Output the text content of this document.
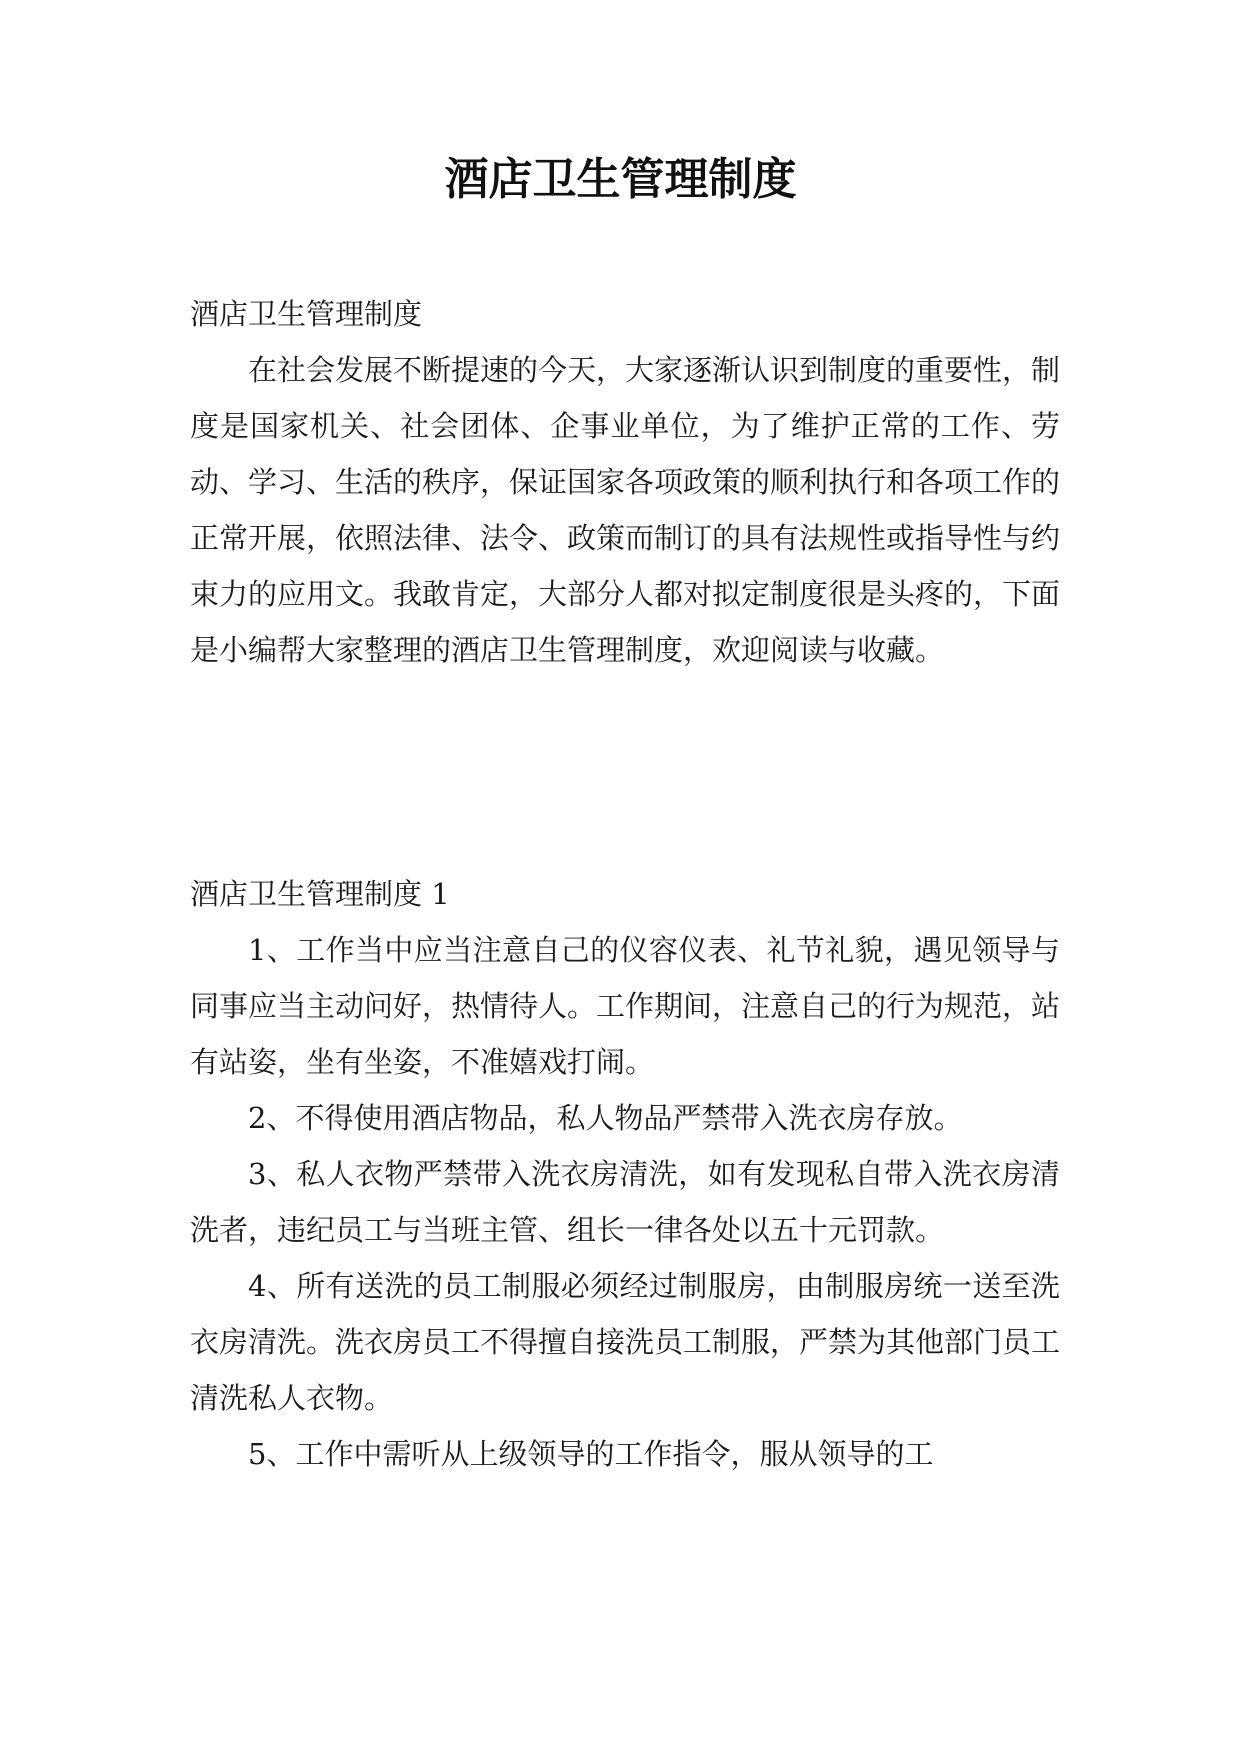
酒店卫生管理制度

酒店卫生管理制度

在社会发展不断提速的今天，大家逐渐认识到制度的重要性，制度是国家机关、社会团体、企事业单位，为了维护正常的工作、劳动、学习、生活的秩序，保证国家各项政策的顺利执行和各项工作的正常开展，依照法律、法令、政策而制订的具有法规性或指导性与约束力的应用文。我敢肯定，大部分人都对拟定制度很是头疼的，下面是小编帮大家整理的酒店卫生管理制度，欢迎阅读与收藏。

酒店卫生管理制度 1

1、工作当中应当注意自己的仪容仪表、礼节礼貌，遇见领导与同事应当主动问好，热情待人。工作期间，注意自己的行为规范，站有站姿，坐有坐姿，不准嬉戏打闹。

2、不得使用酒店物品，私人物品严禁带入洗衣房存放。

3、私人衣物严禁带入洗衣房清洗，如有发现私自带入洗衣房清洗者，违纪员工与当班主管、组长一律各处以五十元罚款。

4、所有送洗的员工制服必须经过制服房，由制服房统一送至洗衣房清洗。洗衣房员工不得擅自接洗员工制服，严禁为其他部门员工清洗私人衣物。

5、工作中需听从上级领导的工作指令，服从领导的工
